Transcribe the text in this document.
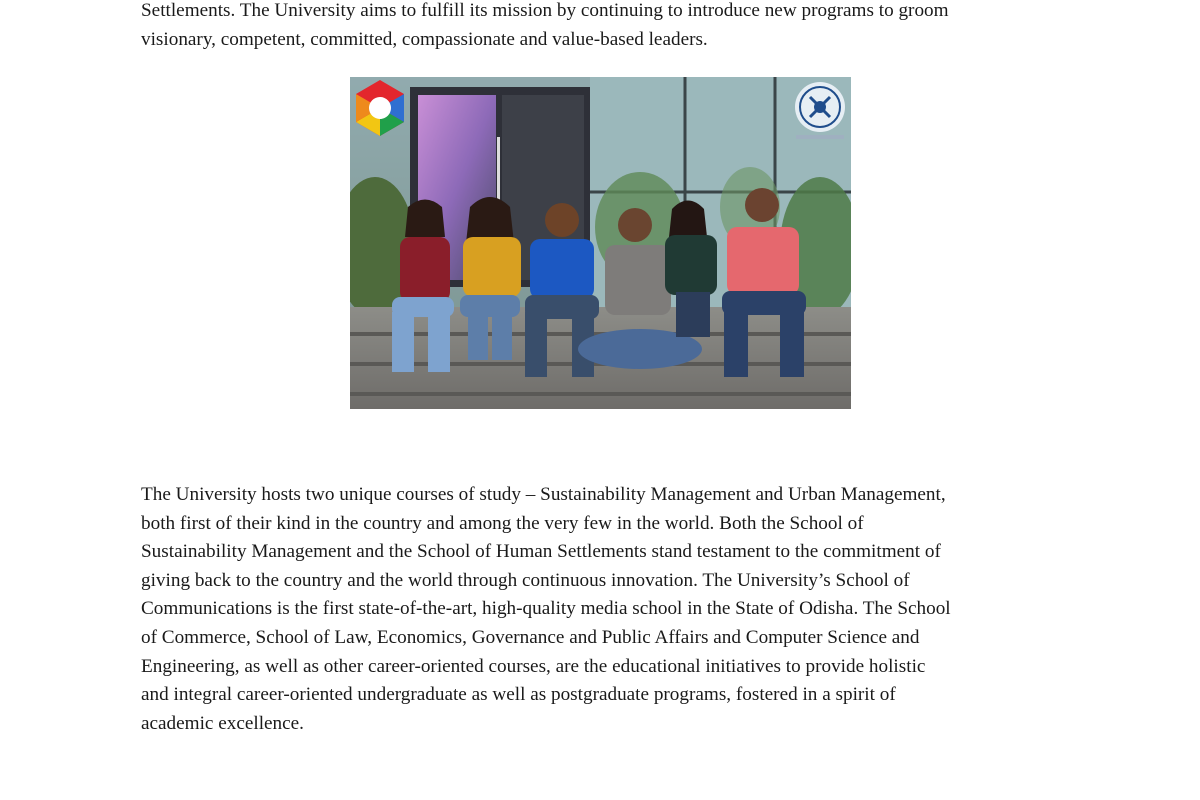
Settlements. The University aims to fulfill its mission by continuing to introduce new programs to groom
visionary, competent, committed, compassionate and value-based leaders.

The University hosts two unique courses of study – Sustainability Management and Urban Management,
both first of their kind in the country and among the very few in the world. Both the School of
Sustainability Management and the School of Human Settlements stand testament to the commitment of
giving back to the country and the world through continuous innovation. The University’s School of
Communications is the first state-of-the-art, high-quality media school in the State of Odisha. The School
of Commerce, School of Law, Economics, Governance and Public Affairs and Computer Science and
Engineering, as well as other career-oriented courses, are the educational initiatives to provide holistic
and integral career-oriented undergraduate as well as postgraduate programs, fostered in a spirit of
academic excellence.
